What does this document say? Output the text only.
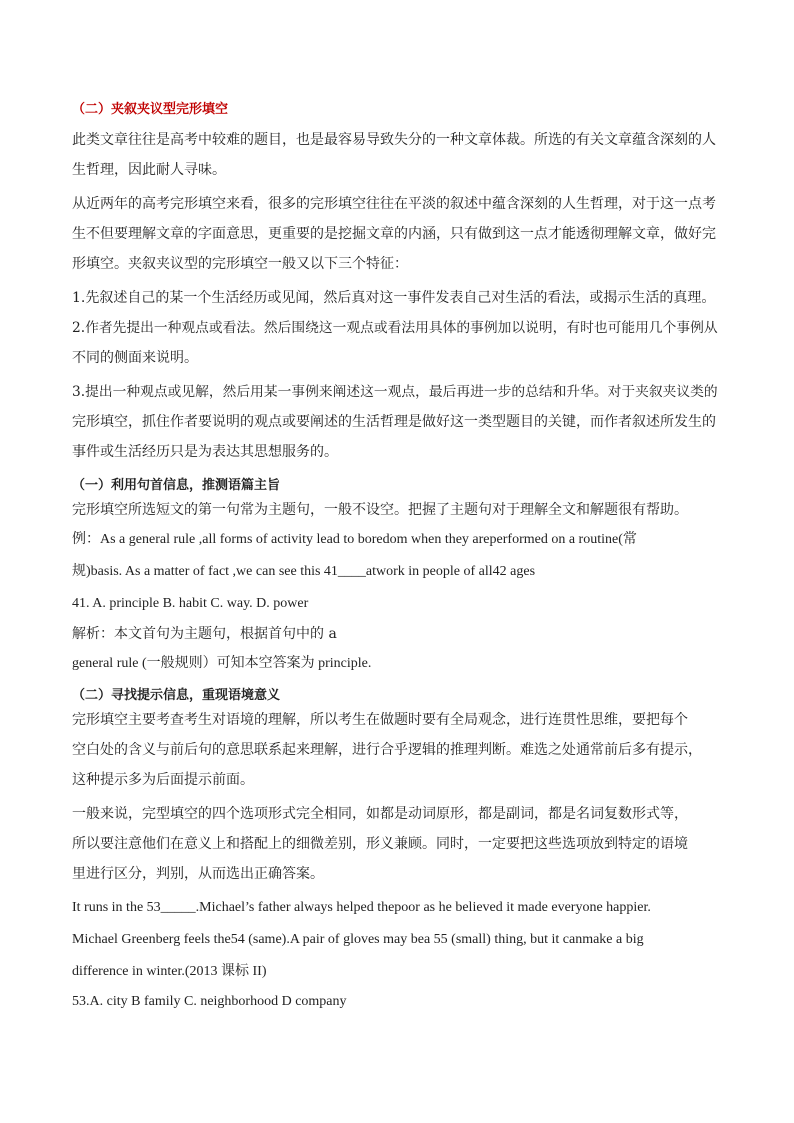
（二）夹叙夹议型完形填空
此类文章往往是高考中较难的题目，也是最容易导致失分的一种文章体裁。所选的有关文章蕴含深刻的人
生哲理，因此耐人寻味。
从近两年的高考完形填空来看，很多的完形填空往往在平淡的叙述中蕴含深刻的人生哲理，对于这一点考
生不但要理解文章的字面意思，更重要的是挖掘文章的内涵，只有做到这一点才能透彻理解文章，做好完
形填空。夹叙夹议型的完形填空一般又以下三个特征：
1.先叙述自己的某一个生活经历或见闻，然后真对这一事件发表自己对生活的看法，或揭示生活的真理。
2.作者先提出一种观点或看法。然后围绕这一观点或看法用具体的事例加以说明，有时也可能用几个事例从
不同的侧面来说明。
3.提出一种观点或见解，然后用某一事例来阐述这一观点，最后再进一步的总结和升华。对于夹叙夹议类的
完形填空，抓住作者要说明的观点或要阐述的生活哲理是做好这一类型题目的关键，而作者叙述所发生的
事件或生活经历只是为表达其思想服务的。
（一）利用句首信息，推测语篇主旨
完形填空所选短文的第一句常为主题句，一般不设空。把握了主题句对于理解全文和解题很有帮助。
例：As a general rule ,all forms of activity lead to boredom when they areperformed on a routine(常
规)basis. As a matter of fact ,we can see this 41____atwork in people of all42 ages
41. A. principle B. habit C. way. D. power
解析：本文首句为主题句，根据首句中的 a
general rule (一般规则）可知本空答案为 principle.
（二）寻找提示信息，重现语境意义
完形填空主要考查考生对语境的理解，所以考生在做题时要有全局观念，进行连贯性思维，要把每个
空白处的含义与前后句的意思联系起来理解，进行合乎逻辑的推理判断。难选之处通常前后多有提示，
这种提示多为后面提示前面。
一般来说，完型填空的四个选项形式完全相同，如都是动词原形，都是副词，都是名词复数形式等，
所以要注意他们在意义上和搭配上的细微差别，形义兼顾。同时，一定要把这些选项放到特定的语境
里进行区分，判别，从而选出正确答案。
It runs in the 53_____.Michael’s father always helped thepoor as he believed it made everyone happier.
Michael Greenberg feels the54 (same).A pair of gloves may bea 55 (small) thing, but it canmake a big
difference in winter.(2013 课标 II)
53.A. city B family C. neighborhood D company
